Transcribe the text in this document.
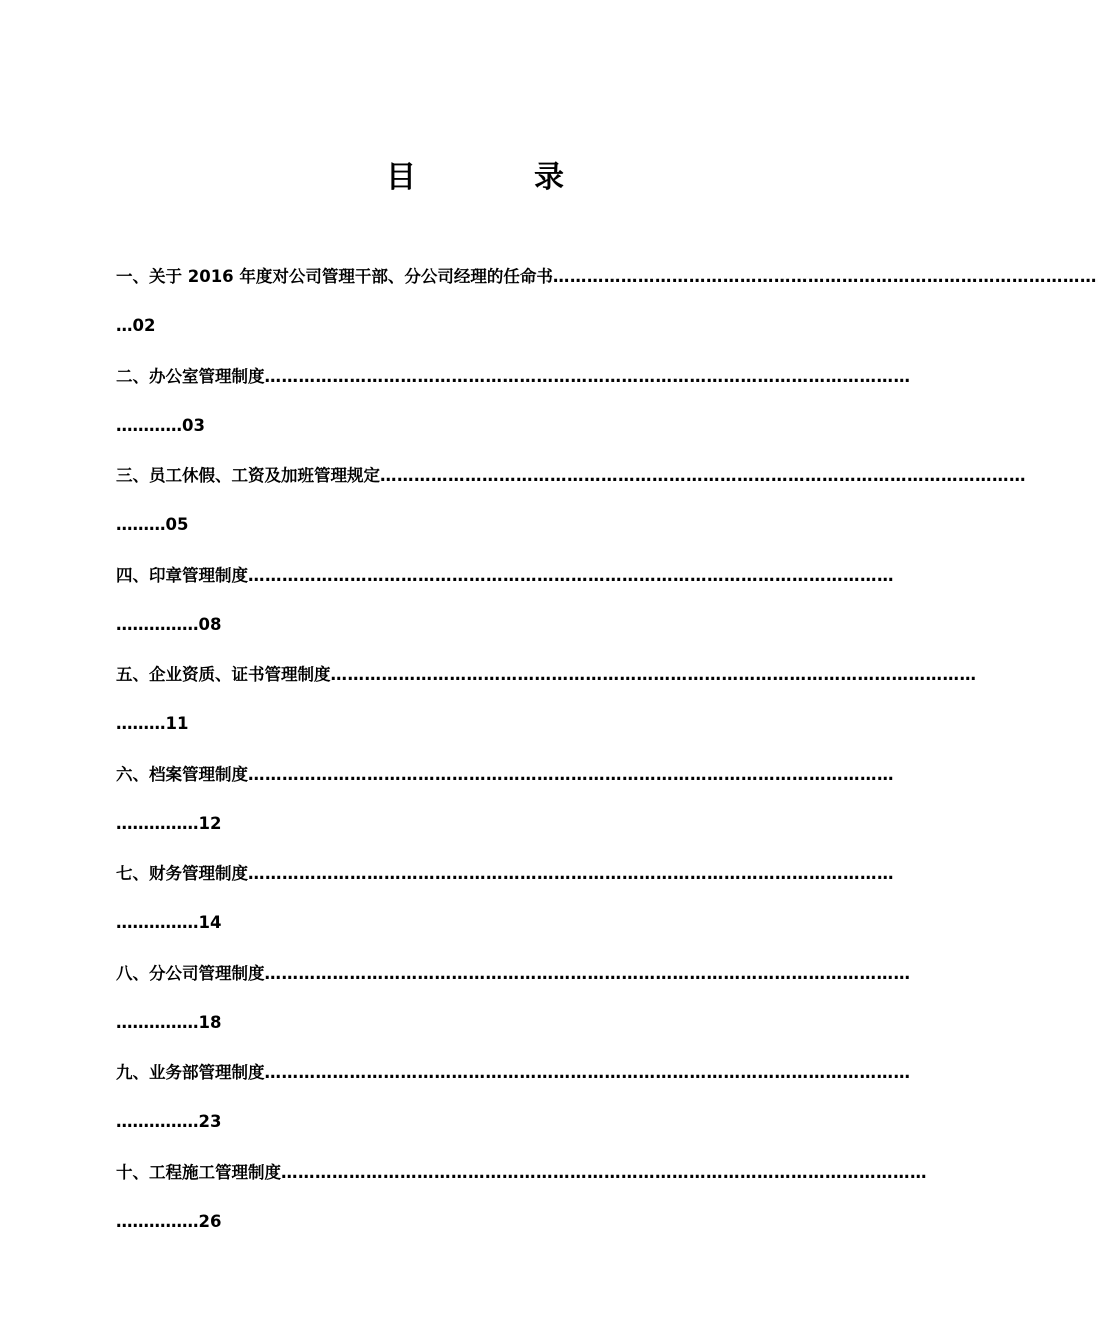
目	录
一、 关于 2016 年度对公司管理干部、分公司经理的任命书 ……………………………………………………………………………………
…02
二、 办公室管理制度 ……………………………………………………………………………………………………
…………03
三、 员工休假、工资及加班管理规定 ……………………………………………………………………………………………………
………05
四、 印章管理制度 ……………………………………………………………………………………………………
……………08
五、 企业资质、证书管理制度 ……………………………………………………………………………………………………
………11
六、 档案管理制度 ……………………………………………………………………………………………………
……………12
七、 财务管理制度 ……………………………………………………………………………………………………
……………14
八、 分公司管理制度 ……………………………………………………………………………………………………
……………18
九、 业务部管理制度 ……………………………………………………………………………………………………
……………23
十、 工程施工管理制度 ……………………………………………………………………………………………………
……………26
